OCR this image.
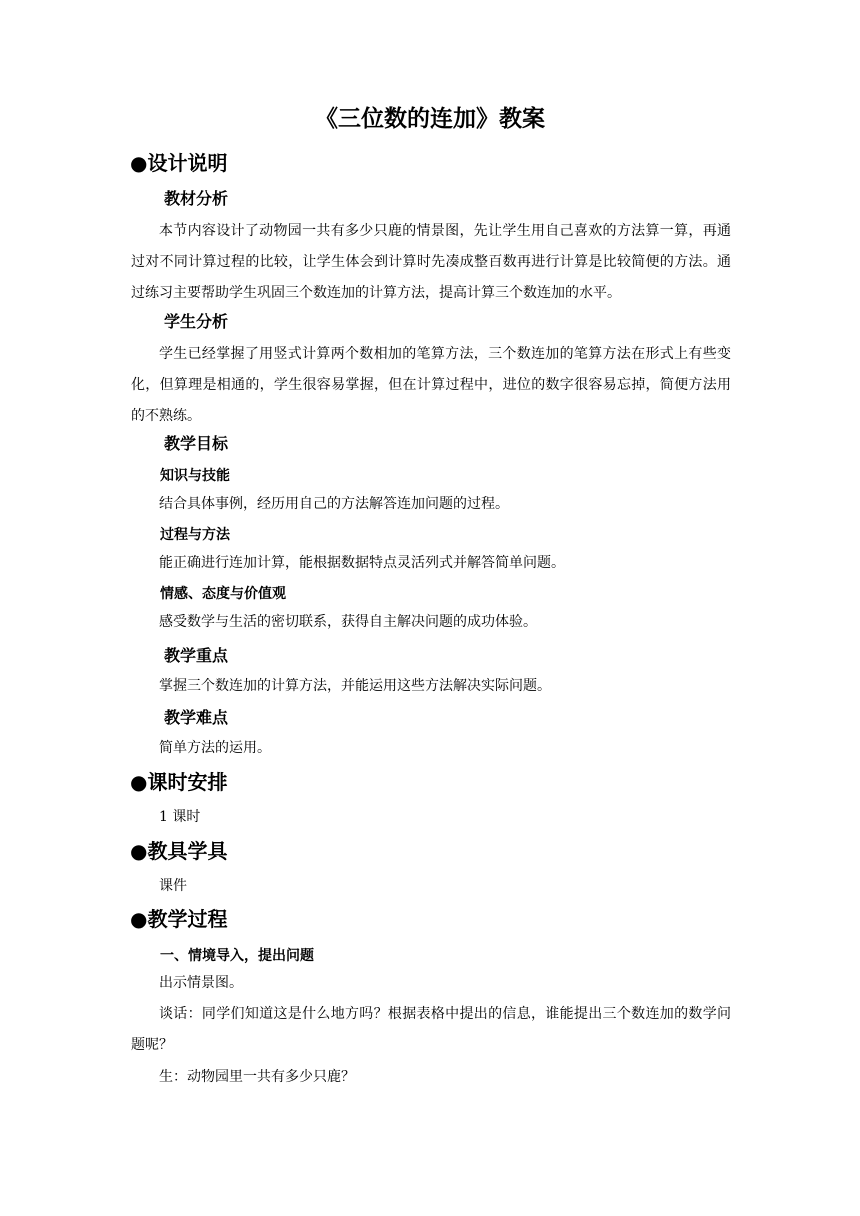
《三位数的连加》教案
●设计说明
教材分析
本节内容设计了动物园一共有多少只鹿的情景图，先让学生用自己喜欢的方法算一算，再通过对不同计算过程的比较，让学生体会到计算时先凑成整百数再进行计算是比较简便的方法。通过练习主要帮助学生巩固三个数连加的计算方法，提高计算三个数连加的水平。
学生分析
学生已经掌握了用竖式计算两个数相加的笔算方法，三个数连加的笔算方法在形式上有些变化，但算理是相通的，学生很容易掌握，但在计算过程中，进位的数字很容易忘掉，简便方法用的不熟练。
教学目标
知识与技能
结合具体事例，经历用自己的方法解答连加问题的过程。
过程与方法
能正确进行连加计算，能根据数据特点灵活列式并解答简单问题。
情感、态度与价值观
感受数学与生活的密切联系，获得自主解决问题的成功体验。
教学重点
掌握三个数连加的计算方法，并能运用这些方法解决实际问题。
教学难点
简单方法的运用。
●课时安排
1 课时
●教具学具
课件
●教学过程
一、情境导入，提出问题
出示情景图。
谈话：同学们知道这是什么地方吗？根据表格中提出的信息，谁能提出三个数连加的数学问题呢？
生：动物园里一共有多少只鹿？
